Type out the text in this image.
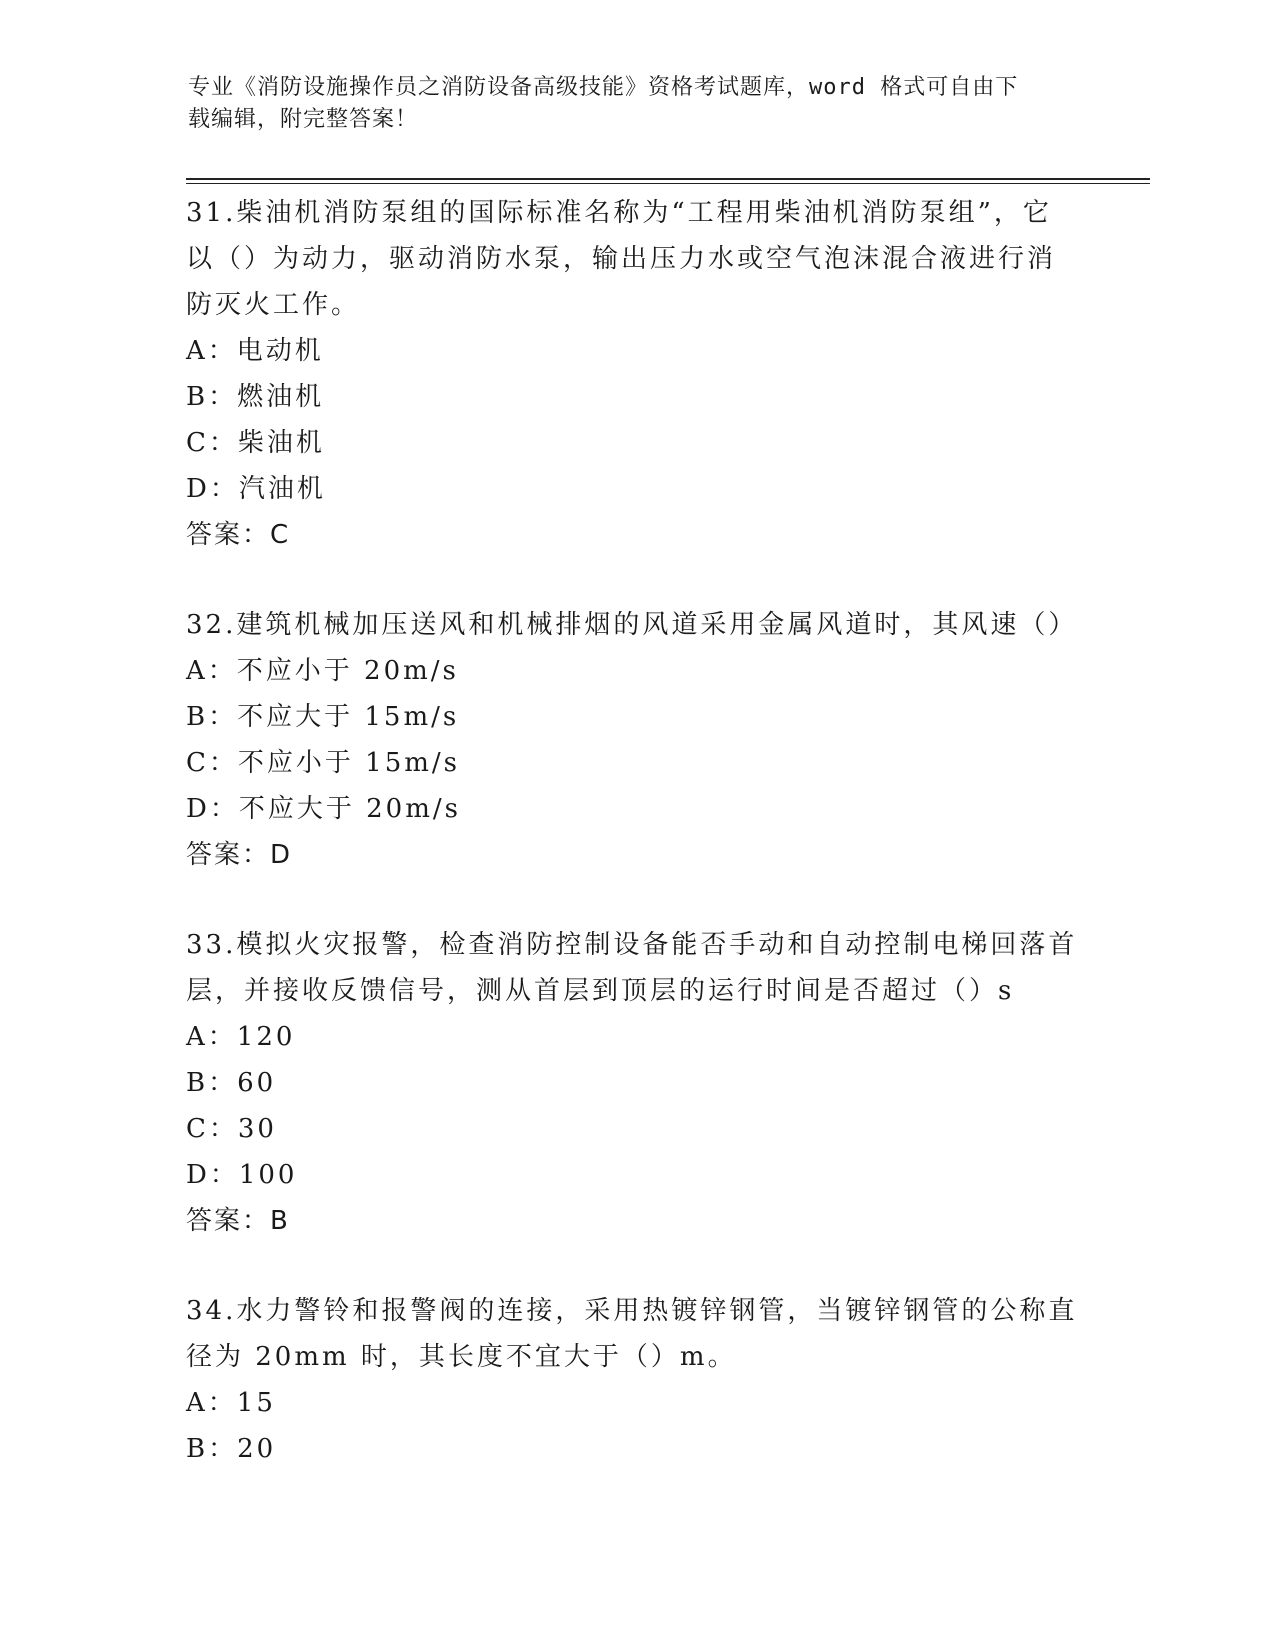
专业《消防设施操作员之消防设备高级技能》资格考试题库，word 格式可自由下
载编辑，附完整答案！

31.柴油机消防泵组的国际标准名称为“工程用柴油机消防泵组”，它

以（）为动力，驱动消防水泵，输出压力水或空气泡沫混合液进行消

防灭火工作。

A：电动机

B：燃油机

C：柴油机

D：汽油机

答案：C

32.建筑机械加压送风和机械排烟的风道采用金属风道时，其风速（）

A：不应小于 20m/s

B：不应大于 15m/s

C：不应小于 15m/s

D：不应大于 20m/s

答案：D

33.模拟火灾报警，检查消防控制设备能否手动和自动控制电梯回落首

层，并接收反馈信号，测从首层到顶层的运行时间是否超过（）s

A：120

B：60

C：30

D：100

答案：B

34.水力警铃和报警阀的连接，采用热镀锌钢管，当镀锌钢管的公称直

径为 20mm 时，其长度不宜大于（）m。

A：15

B：20
